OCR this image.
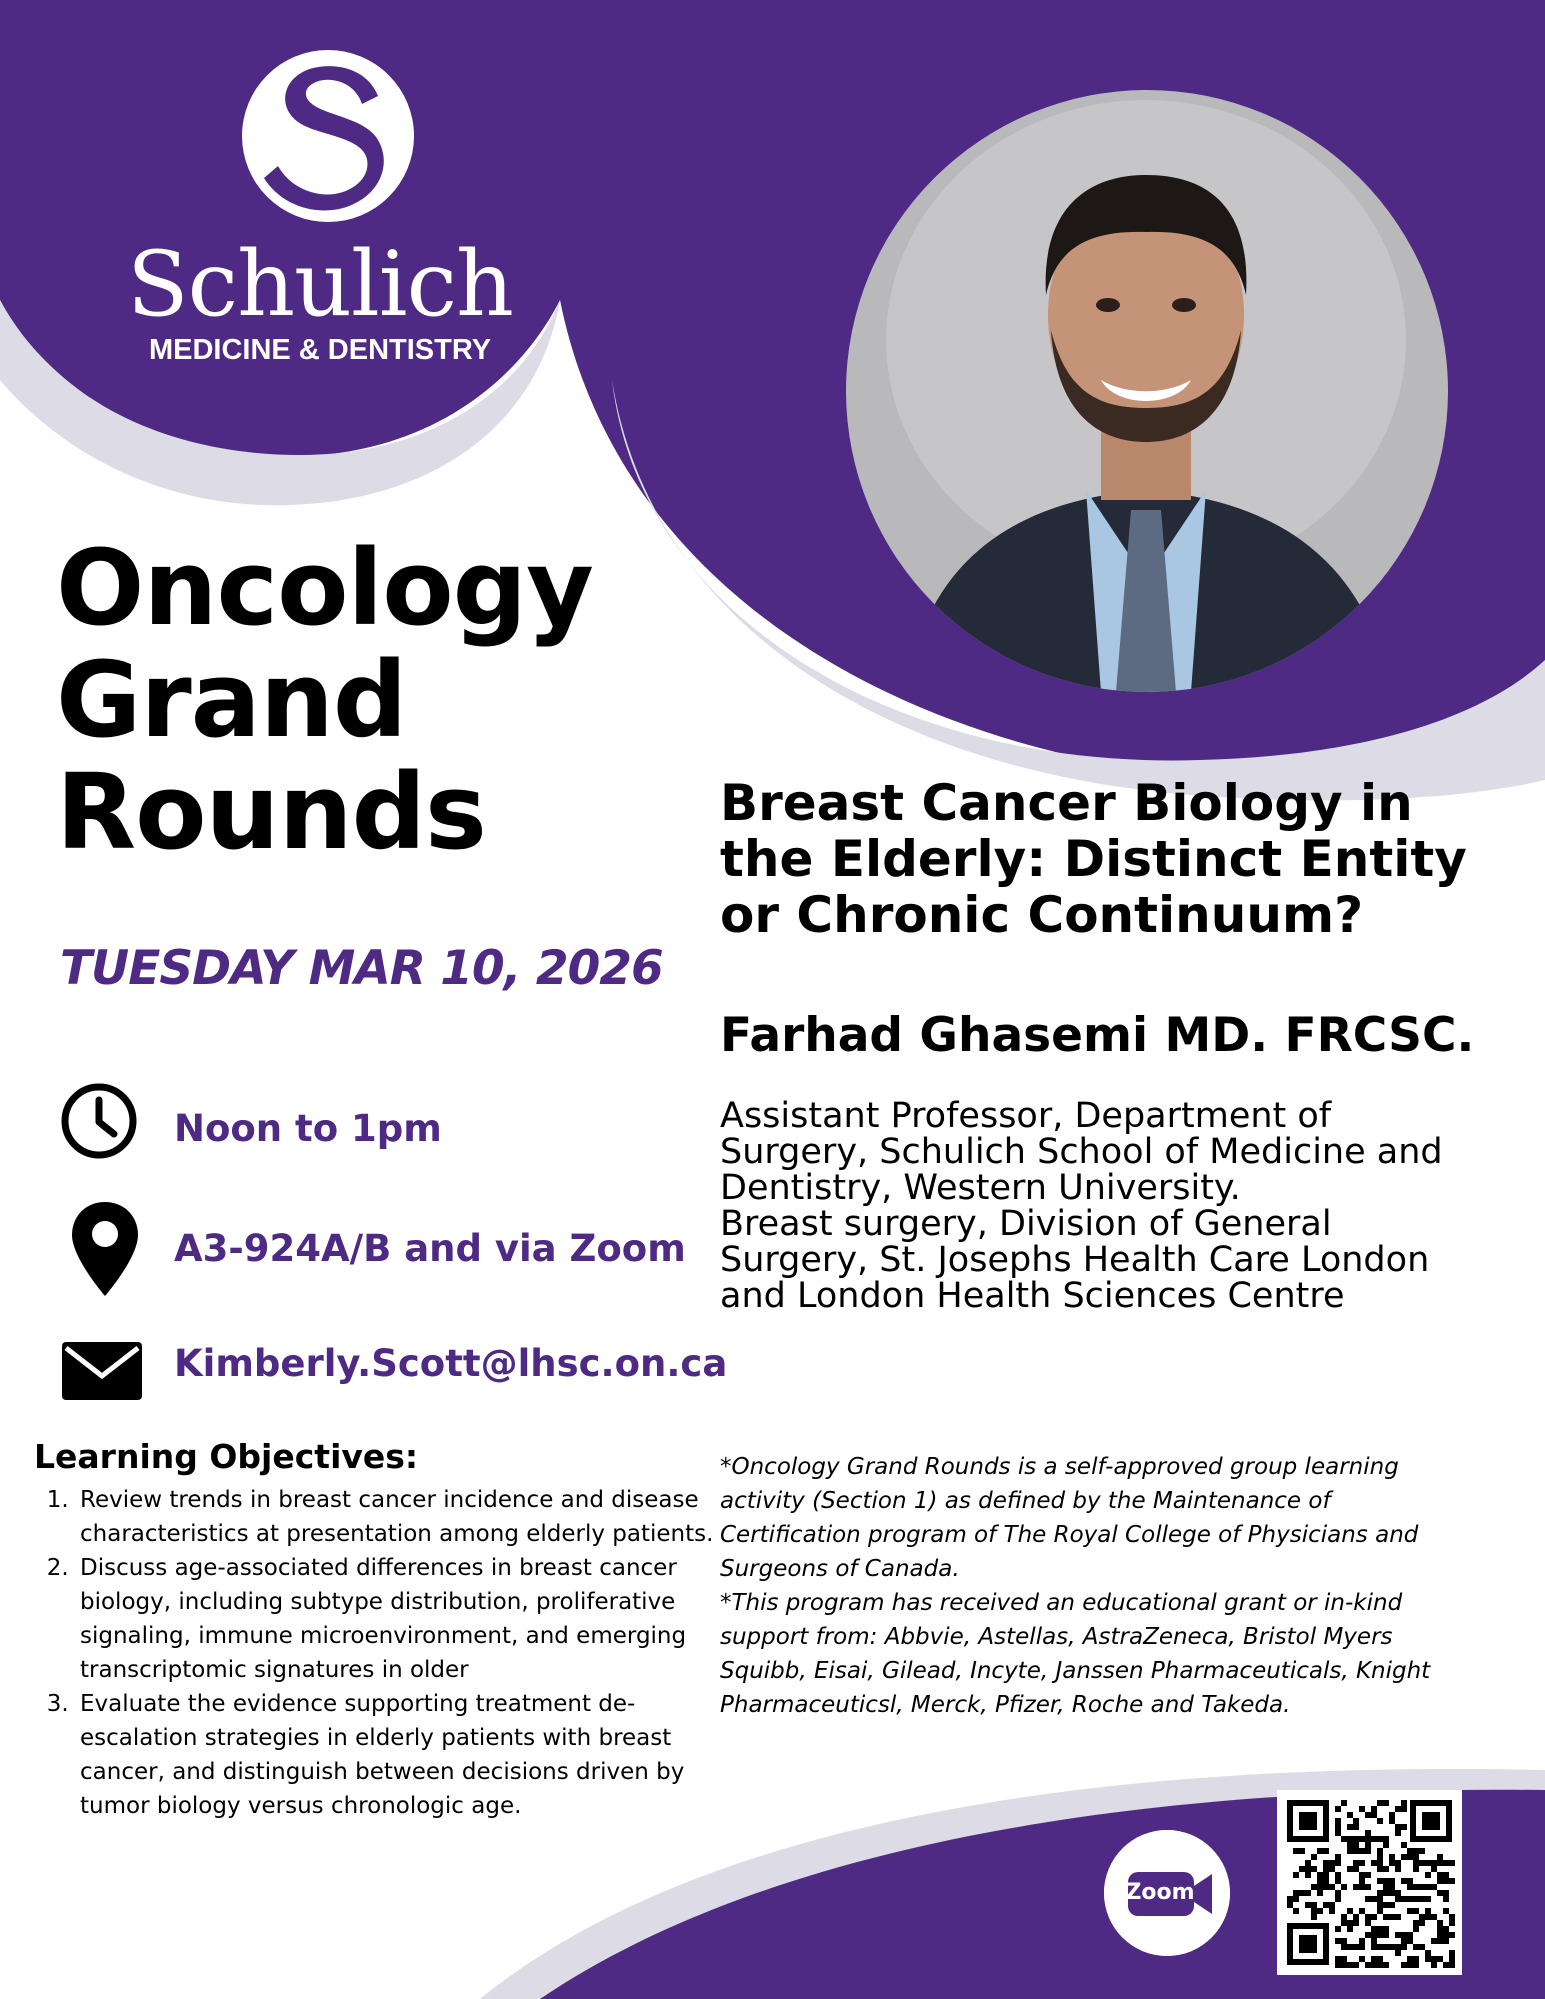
Schulich
MEDICINE & DENTISTRY
Oncology
Grand
Rounds
TUESDAY MAR 10, 2026
Noon to 1pm
A3-924A/B and via Zoom
Kimberly.Scott@lhsc.on.ca
Breast Cancer Biology in
the Elderly: Distinct Entity
or Chronic Continuum?
Farhad Ghasemi MD. FRCSC.
Assistant Professor, Department of
Surgery, Schulich School of Medicine and
Dentistry, Western University.
Breast surgery, Division of General
Surgery, St. Josephs Health Care London
and London Health Sciences Centre
Learning Objectives:
1. Review trends in breast cancer incidence and disease characteristics at presentation among elderly patients.
2. Discuss age-associated differences in breast cancer biology, including subtype distribution, proliferative signaling, immune microenvironment, and emerging transcriptomic signatures in older
3. Evaluate the evidence supporting treatment de-escalation strategies in elderly patients with breast cancer, and distinguish between decisions driven by tumor biology versus chronologic age.

*Oncology Grand Rounds is a self-approved group learning activity (Section 1) as defined by the Maintenance of Certification program of The Royal College of Physicians and Surgeons of Canada.

*This program has received an educational grant or in-kind support from: Abbvie, Astellas, AstraZeneca, Bristol Myers Squibb, Eisai, Gilead, Incyte, Janssen Pharmaceuticals, Knight Pharmaceuticsl, Merck, Pfizer, Roche and Takeda.

Zoom
